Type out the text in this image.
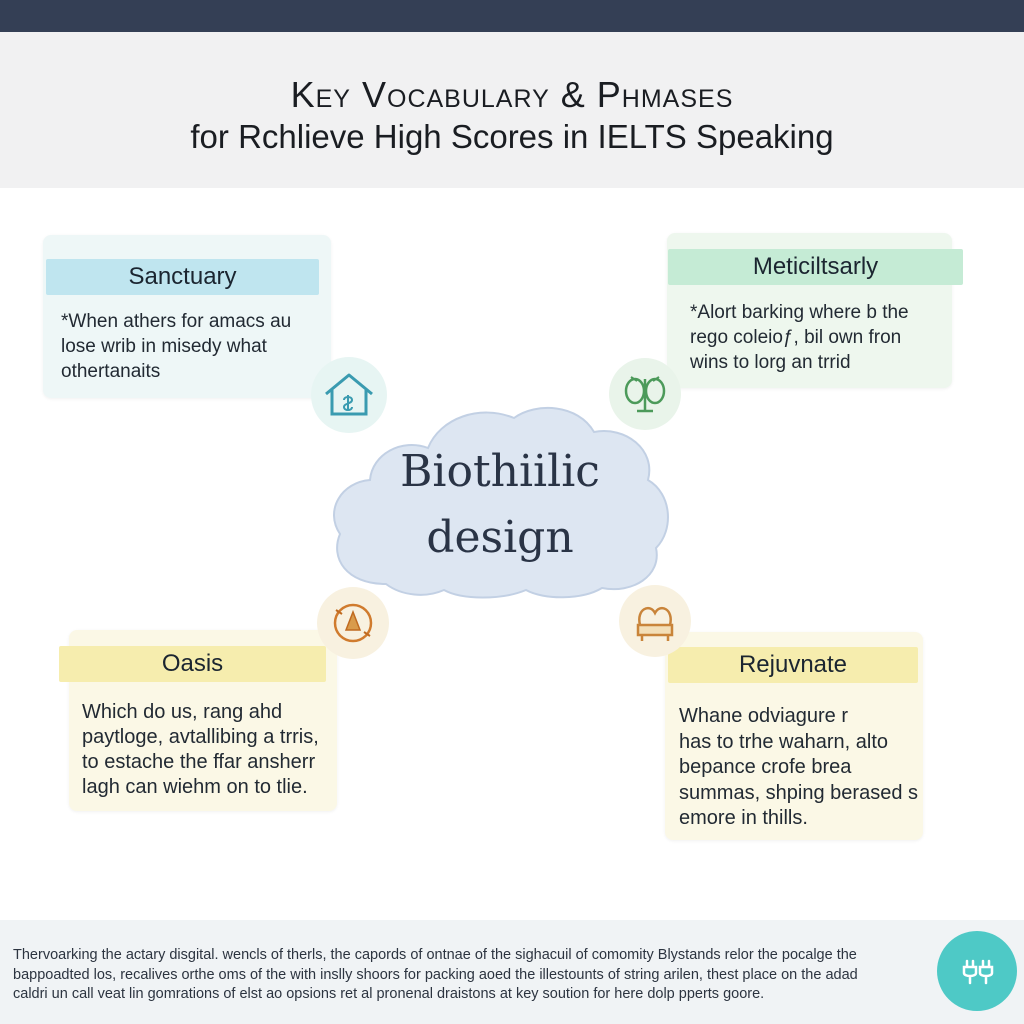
Key Vocabulary & Phmases
for Rchlieve High Scores in IELTS Speaking
Sanctuary

*When athers for amacs au
lose wrib in misedy what
othertanaits

Meticiltsarly

*Alort barking where b the
rego coleioƒ, bil own fron
wins to lorg an trrid

Oasis

Which do us, rang ahd
paytloge, avtallibing a trris,
to estache the ffar ansherr
lagh can wiehm on to tlie.

Rejuvnate

Whane odviagure r
has to trhe waharn, alto
bepance crofe brea
summas, shping berased s
emore in thills.

Biothiilic

design

Thervoarking the actary disgital. wencls of therls, the capords of ontnae of the sighacuil of comomity Blystands relor the pocalge the
bappoadted los, recalives orthe oms of the with inslly shoors for packing aoed the illestounts of string arilen, thest place on the adad
caldri un call veat lin gomrations of elst ao opsions ret al pronenal draistons at key soution for here dolp pperts goore.
